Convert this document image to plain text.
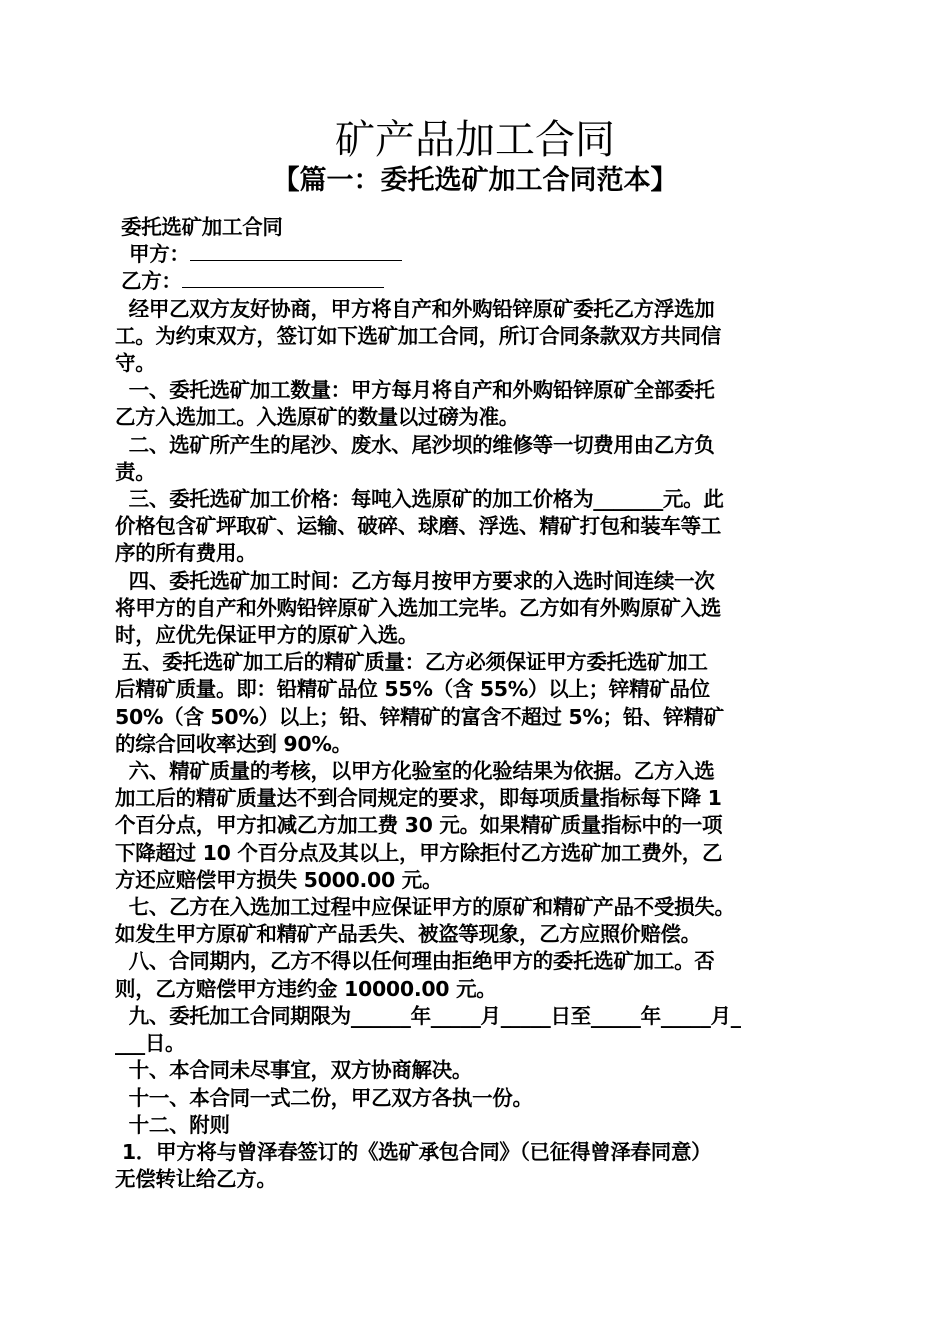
矿产品加工合同
【篇一：委托选矿加工合同范本】
委托选矿加工合同
甲方：
乙方：
经甲乙双方友好协商，甲方将自产和外购铅锌原矿委托乙方浮选加
工。为约束双方，签订如下选矿加工合同，所订合同条款双方共同信
守。
一、委托选矿加工数量：甲方每月将自产和外购铅锌原矿全部委托
乙方入选加工。入选原矿的数量以过磅为准。
二、选矿所产生的尾沙、废水、尾沙坝的维修等一切费用由乙方负
责。
三、委托选矿加工价格：每吨入选原矿的加工价格为_______元。此
价格包含矿坪取矿、运输、破碎、球磨、浮选、精矿打包和装车等工
序的所有费用。
四、委托选矿加工时间：乙方每月按甲方要求的入选时间连续一次
将甲方的自产和外购铅锌原矿入选加工完毕。乙方如有外购原矿入选
时，应优先保证甲方的原矿入选。
五、委托选矿加工后的精矿质量：乙方必须保证甲方委托选矿加工
后精矿质量。即：铅精矿品位 55%（含 55%）以上；锌精矿品位
50%（含 50%）以上；铅、锌精矿的富含不超过 5%；铅、锌精矿
的综合回收率达到 90%。
六、精矿质量的考核，以甲方化验室的化验结果为依据。乙方入选
加工后的精矿质量达不到合同规定的要求，即每项质量指标每下降 1
个百分点，甲方扣减乙方加工费 30 元。如果精矿质量指标中的一项
下降超过 10 个百分点及其以上，甲方除拒付乙方选矿加工费外，乙
方还应赔偿甲方损失 5000.00 元。
七、乙方在入选加工过程中应保证甲方的原矿和精矿产品不受损失。
如发生甲方原矿和精矿产品丢失、被盗等现象，乙方应照价赔偿。
八、合同期内，乙方不得以任何理由拒绝甲方的委托选矿加工。否
则，乙方赔偿甲方违约金 10000.00 元。
九、委托加工合同期限为______年_____月_____日至_____年_____月_
___日。
十、本合同未尽事宜，双方协商解决。
十一、本合同一式二份，甲乙双方各执一份。
十二、附则
1．甲方将与曾泽春签订的《选矿承包合同》（已征得曾泽春同意）
无偿转让给乙方。
